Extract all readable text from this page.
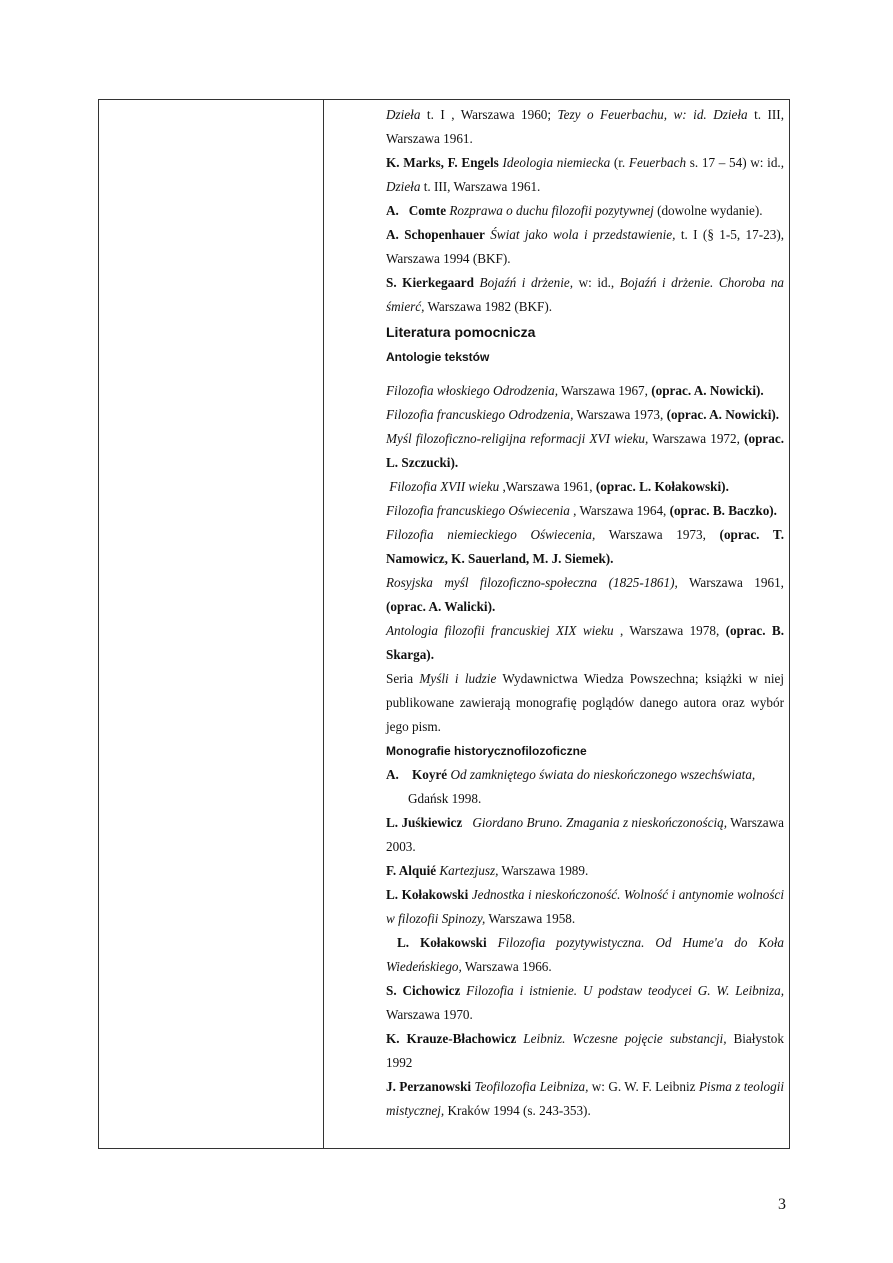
Dzieła t. I , Warszawa 1960; Tezy o Feuerbachu, w: id. Dzieła t. III, Warszawa 1961.

K. Marks, F. Engels Ideologia niemiecka (r. Feuerbach s. 17 – 54) w: id., Dzieła t. III, Warszawa 1961.

A.   Comte Rozprawa o duchu filozofii pozytywnej (dowolne wydanie).

A. Schopenhauer Świat jako wola i przedstawienie, t. I (§ 1-5, 17-23), Warszawa 1994 (BKF).

S. Kierkegaard Bojaźń i drżenie, w: id., Bojaźń i drżenie. Choroba na śmierć, Warszawa 1982 (BKF).

Literatura pomocnicza

Antologie tekstów

Filozofia włoskiego Odrodzenia, Warszawa 1967, (oprac. A. Nowicki).

Filozofia francuskiego Odrodzenia, Warszawa 1973, (oprac. A. Nowicki).

Myśl filozoficzno-religijna reformacji XVI wieku, Warszawa 1972, (oprac. L. Szczucki).

Filozofia XVII wieku ,Warszawa 1961, (oprac. L. Kołakowski).

Filozofia francuskiego Oświecenia , Warszawa 1964, (oprac. B. Baczko).

Filozofia niemieckiego Oświecenia, Warszawa 1973, (oprac. T. Namowicz, K. Sauerland, M. J. Siemek).

Rosyjska myśl filozoficzno-społeczna (1825-1861), Warszawa 1961, (oprac. A. Walicki).

Antologia filozofii francuskiej XIX wieku , Warszawa 1978, (oprac. B. Skarga).

Seria Myśli i ludzie Wydawnictwa Wiedza Powszechna; książki w niej publikowane zawierają monografię poglądów danego autora oraz wybór jego pism.

Monografie historycznofilozoficzne

A.    Koyré Od zamkniętego świata do nieskończonego wszechświata,
Gdańsk 1998.

L. Juśkiewicz Giordano Bruno. Zmagania z nieskończonością, Warszawa 2003.

F. Alquié Kartezjusz, Warszawa 1989.

L. Kołakowski Jednostka i nieskończoność. Wolność i antynomie wolności w filozofii Spinozy, Warszawa 1958.

L. Kołakowski Filozofia pozytywistyczna. Od Hume'a do Koła Wiedeńskiego, Warszawa 1966.

S. Cichowicz Filozofia i istnienie. U podstaw teodycei G. W. Leibniza, Warszawa 1970.

K. Krauze-Błachowicz Leibniz. Wczesne pojęcie substancji, Białystok 1992

J. Perzanowski Teofilozofia Leibniza, w: G. W. F. Leibniz Pisma z teologii mistycznej, Kraków 1994 (s. 243-353).

3
